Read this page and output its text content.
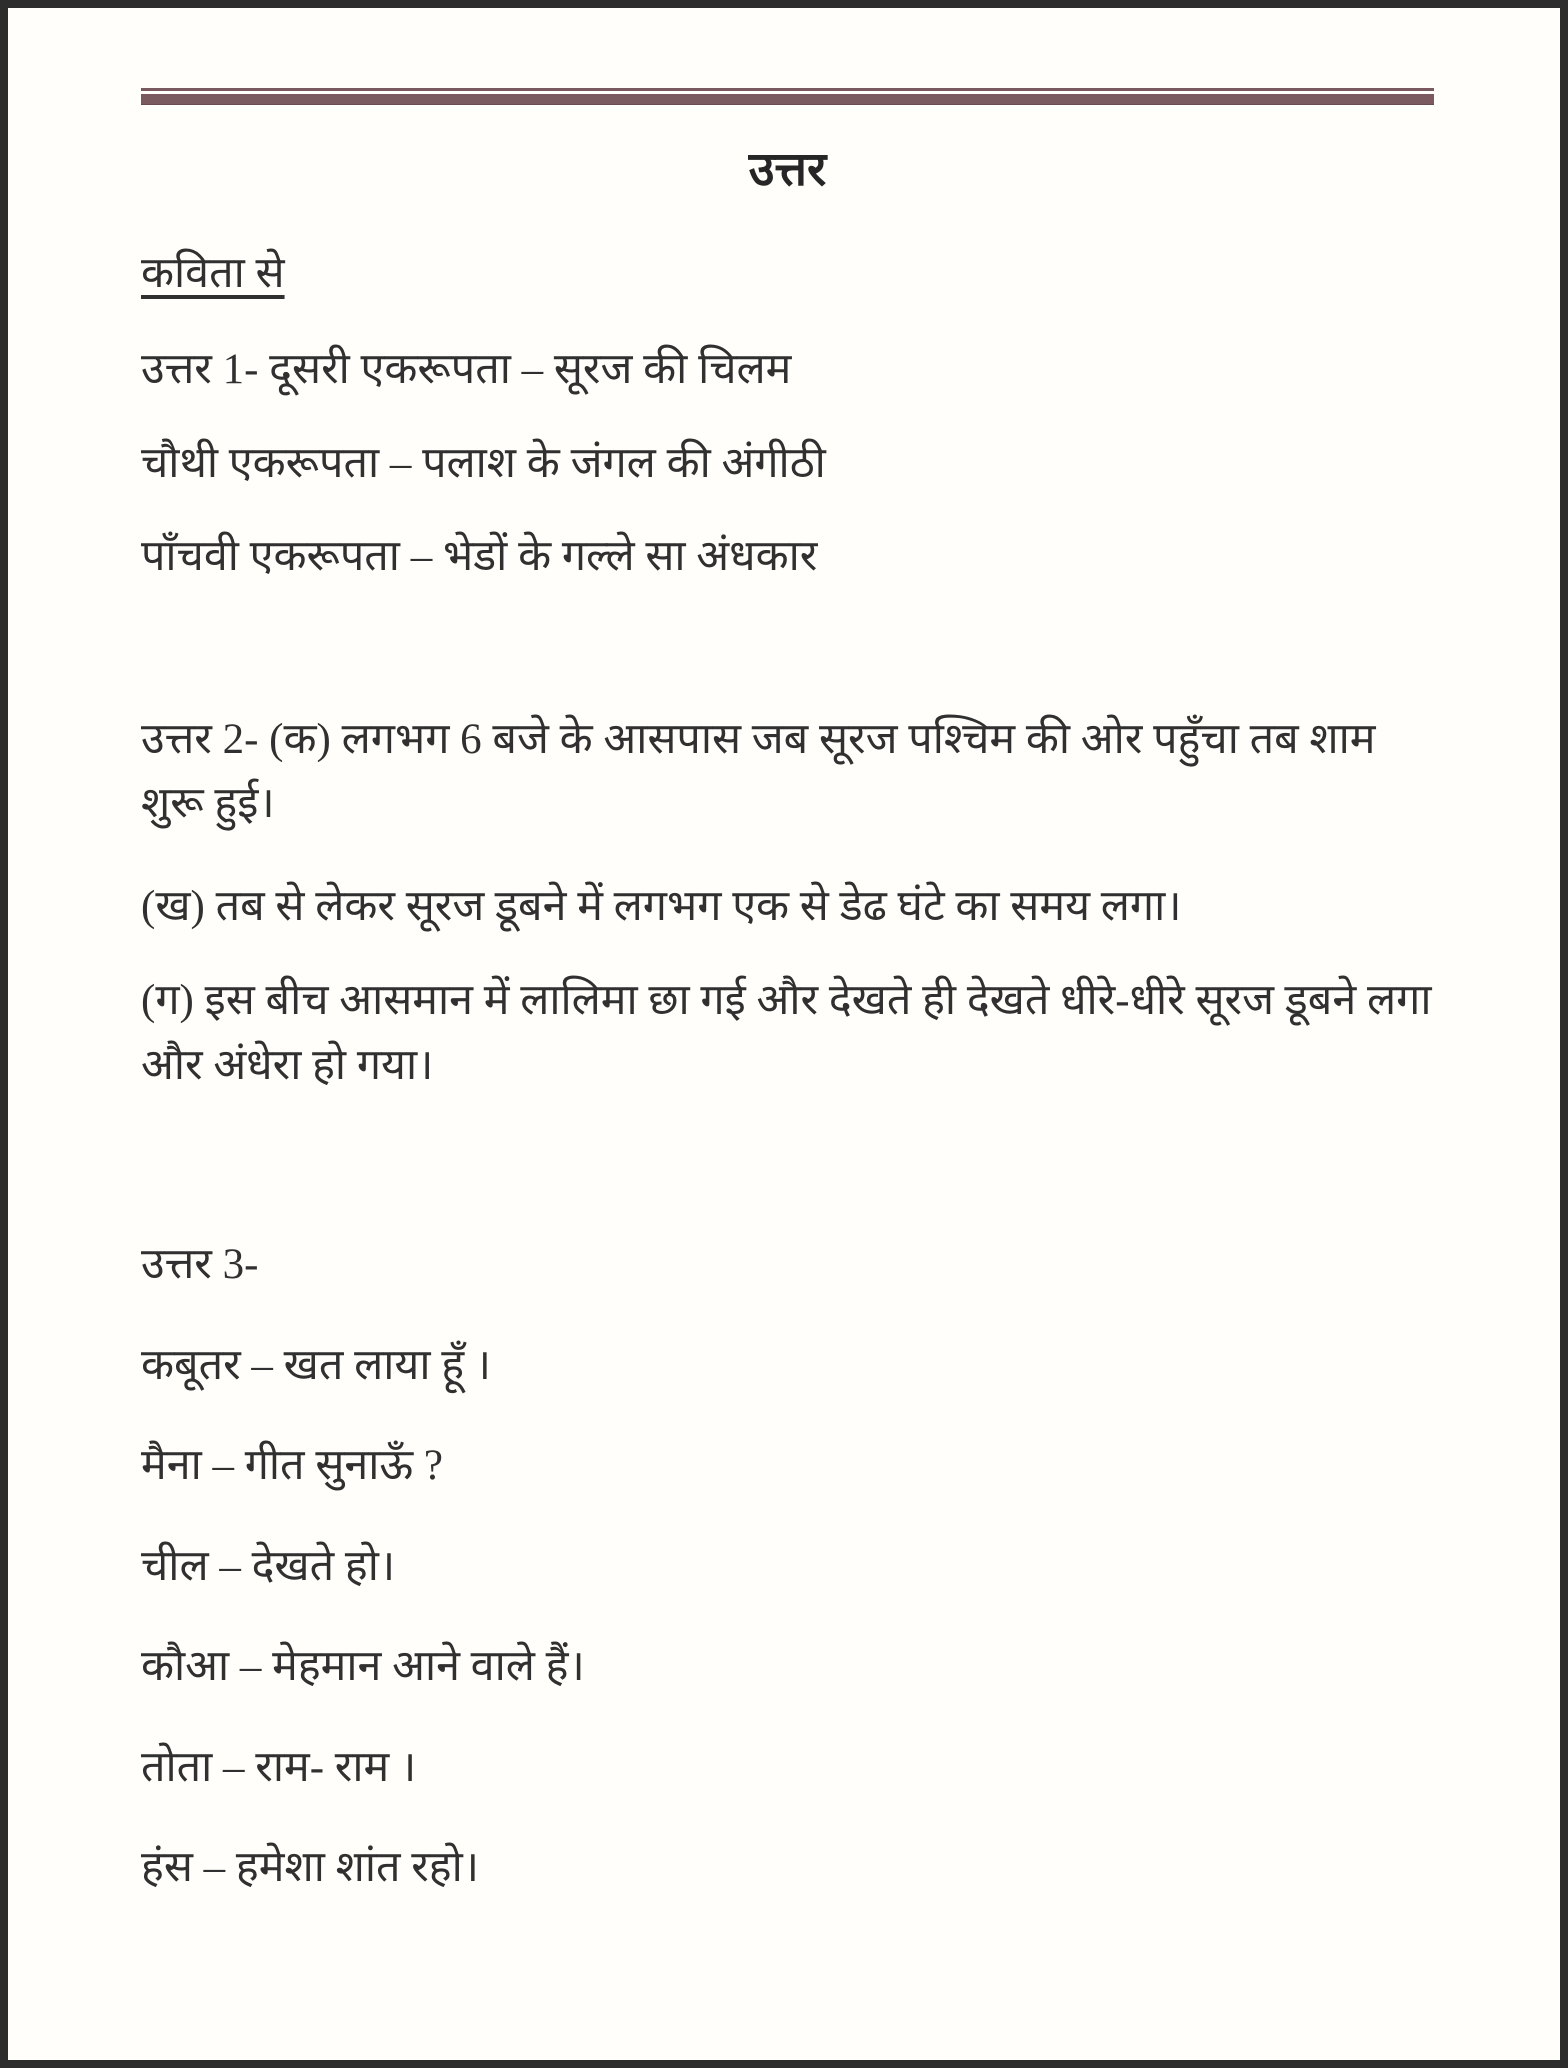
उत्तर
कविता से

उत्तर 1- दूसरी एकरूपता – सूरज की चिलम

चौथी एकरूपता – पलाश के जंगल की अंगीठी

पाँचवी एकरूपता – भेडों के गल्ले सा अंधकार

उत्तर 2- (क) लगभग 6 बजे के आसपास जब सूरज पश्चिम की ओर पहुँचा तब शाम शुरू हुई।

(ख) तब से लेकर सूरज डूबने में लगभग एक से डेढ घंटे का समय लगा।

(ग) इस बीच आसमान में लालिमा छा गई और देखते ही देखते धीरे-धीरे सूरज डूबने लगा और अंधेरा हो गया।

उत्तर 3-

कबूतर – खत लाया हूँ ।

मैना – गीत सुनाऊँ ?

चील – देखते हो।

कौआ – मेहमान आने वाले हैं।

तोता – राम- राम ।

हंस – हमेशा शांत रहो।
